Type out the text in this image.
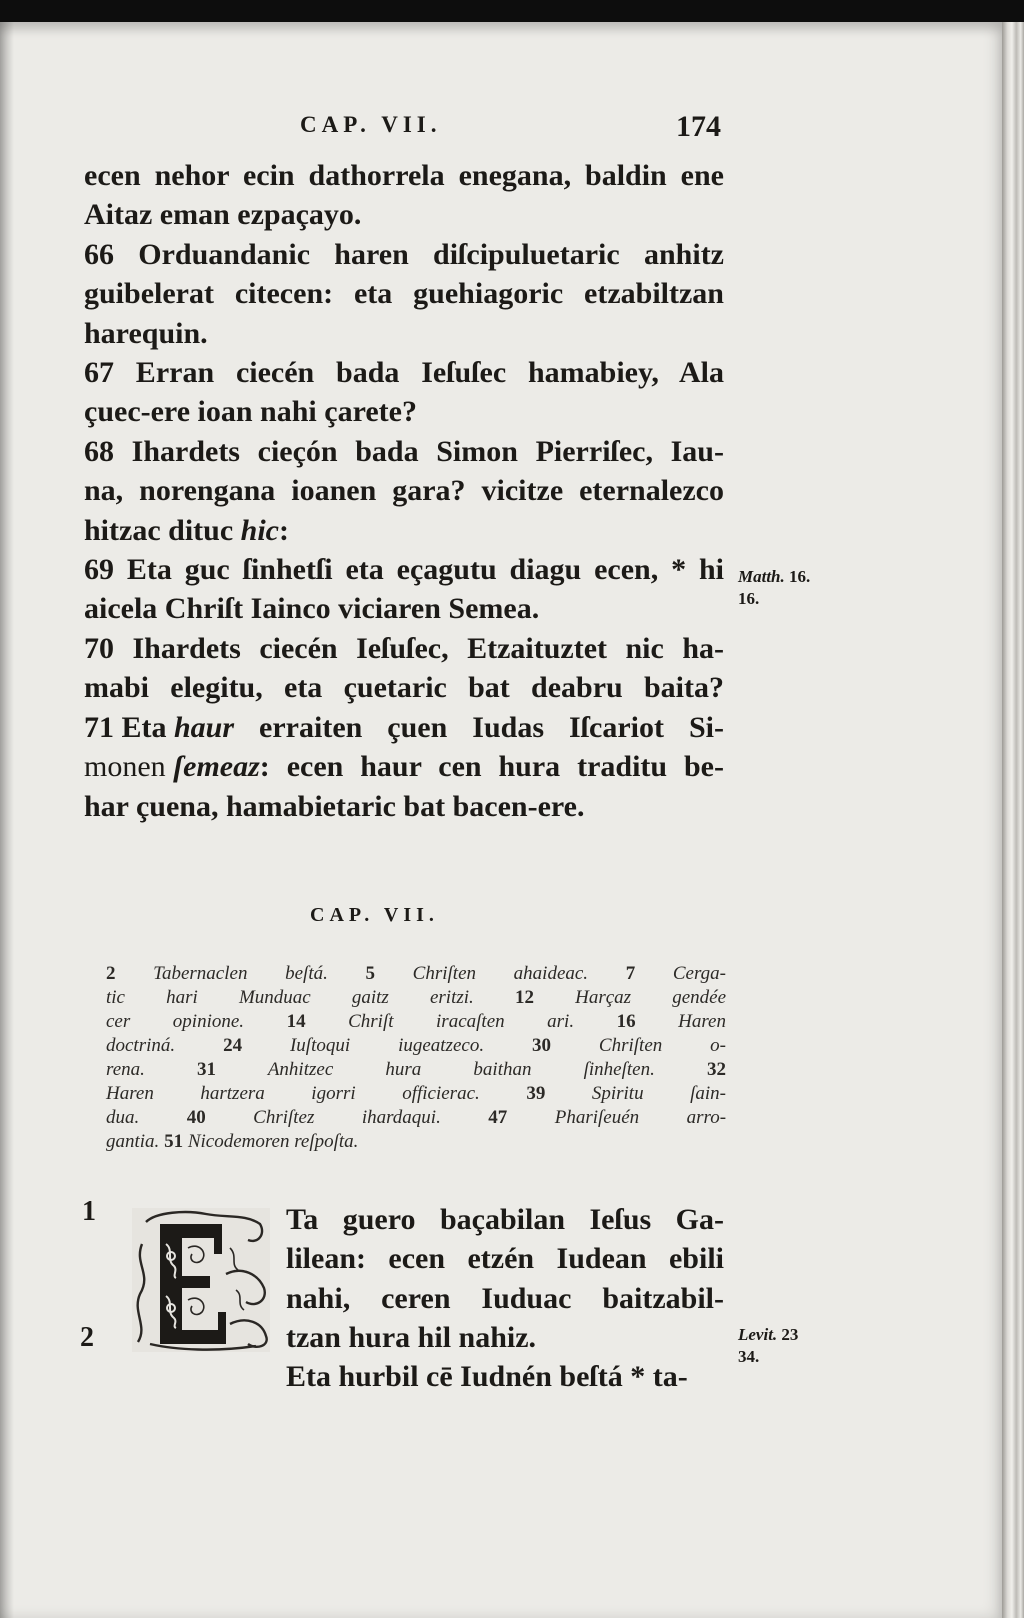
CAP. VII.	174
ecen nehor ecin dathorrela enegana, baldin ene
Aitaz eman ezpaçayo.
66 Orduandanic haren diſcipuluetaric anhitz
guibelerat citecen: eta guehiagoric etzabiltzan
harequin.
67 Erran ciecén bada Ieſuſec hamabiey, Ala
çuec-ere ioan nahi çarete?
68 Ihardets cieçón bada Simon Pierriſec, Iau-
na, norengana ioanen gara? vicitze eternalezco
hitzac dituc hic:
69 Eta guc ſinhetſi eta eçagutu diagu ecen, * hi
aicela Chriſt Iainco viciaren Semea.
70 Ihardets ciecén Ieſuſec, Etzaituztet nic ha-
mabi elegitu, eta çuetaric bat deabru baita?
71 Eta haur erraiten çuen Iudas Iſcariot Si-
monen ſemeaz : ecen haur cen hura traditu be-
har çuena, hamabietaric bat bacen-ere.
Matth. 16.
16.
CAP. VII.
2 Tabernaclen beſtá. 5 Chriſten ahaideac. 7 Cerga-
tic hari Munduac gaitz eritzi. 12 Harçaz gendée
cer opinione. 14 Chriſt iracaſten ari. 16 Haren
doctriná.	24	Iuſtoqui iugeatzeco.	30	Chriſten o-
rena.	31	Anhitzec hura baithan ſinheſten.	32
Haren hartzera igorri officierac. 39 Spiritu ſain-
dua. 40 Chriſtez ihardaqui. 47 Phariſeuén arro-
gantia. 51 Nicodemoren reſpoſta.
1	Ta guero baçabilan Ieſus Ga-
lilean: ecen etzén Iudean ebili
nahi, ceren Iuduac baitzabil-
tzan hura hil nahiz.
2
Eta hurbil cē Iudnén beſtá * ta-
Levit. 23
34.
